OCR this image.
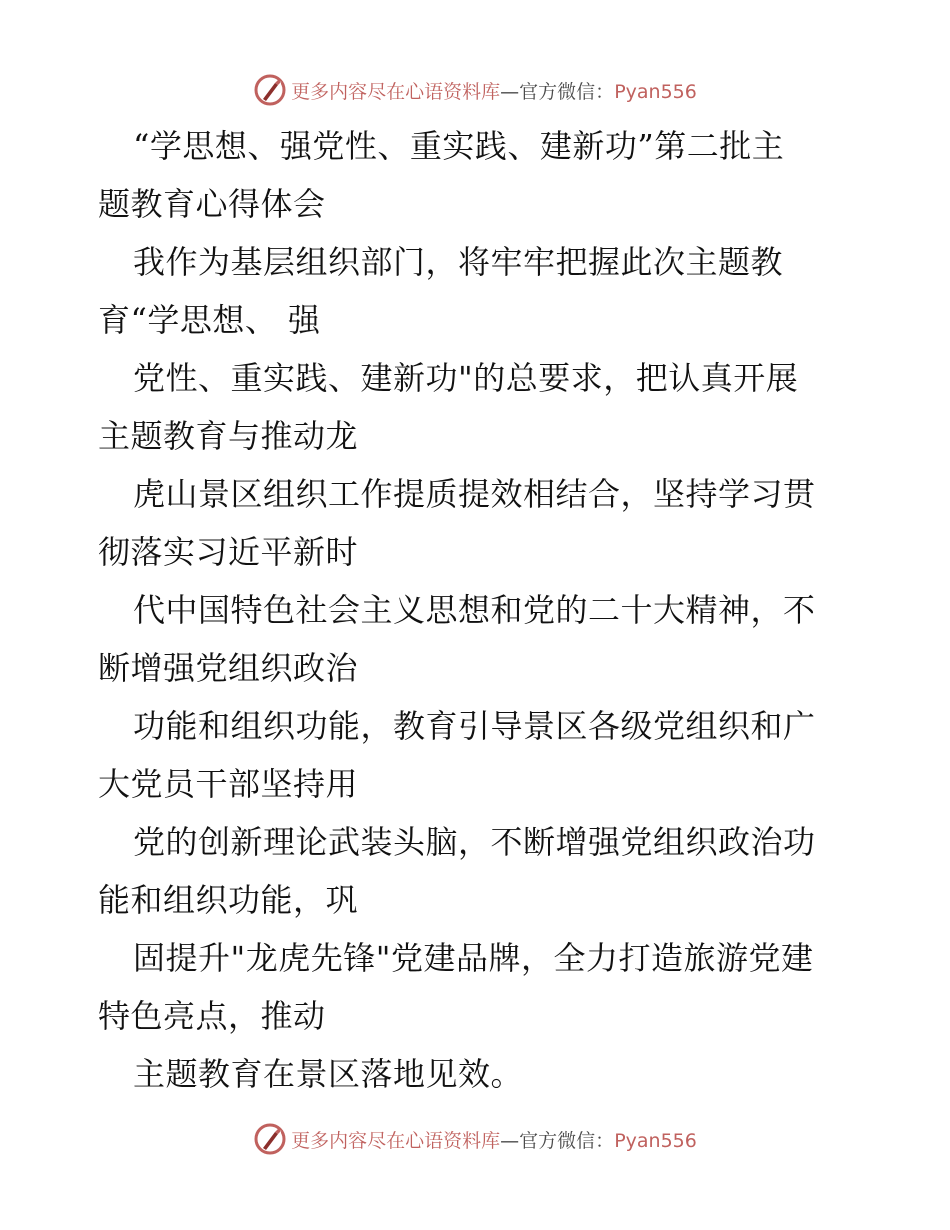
更多内容尽在心语资料库—官方微信：Pyan556
“学思想、强党性、重实践、建新功”第二批主
题教育心得体会
我作为基层组织部门，将牢牢把握此次主题教
育“学思想、 强
党性、重实践、建新功"的总要求，把认真开展
主题教育与推动龙
虎山景区组织工作提质提效相结合，坚持学习贯
彻落实习近平新时
代中国特色社会主义思想和党的二十大精神，不
断增强党组织政治
功能和组织功能，教育引导景区各级党组织和广
大党员干部坚持用
党的创新理论武装头脑，不断增强党组织政治功
能和组织功能，巩
固提升"龙虎先锋"党建品牌，全力打造旅游党建
特色亮点，推动
主题教育在景区落地见效。
更多内容尽在心语资料库—官方微信：Pyan556
